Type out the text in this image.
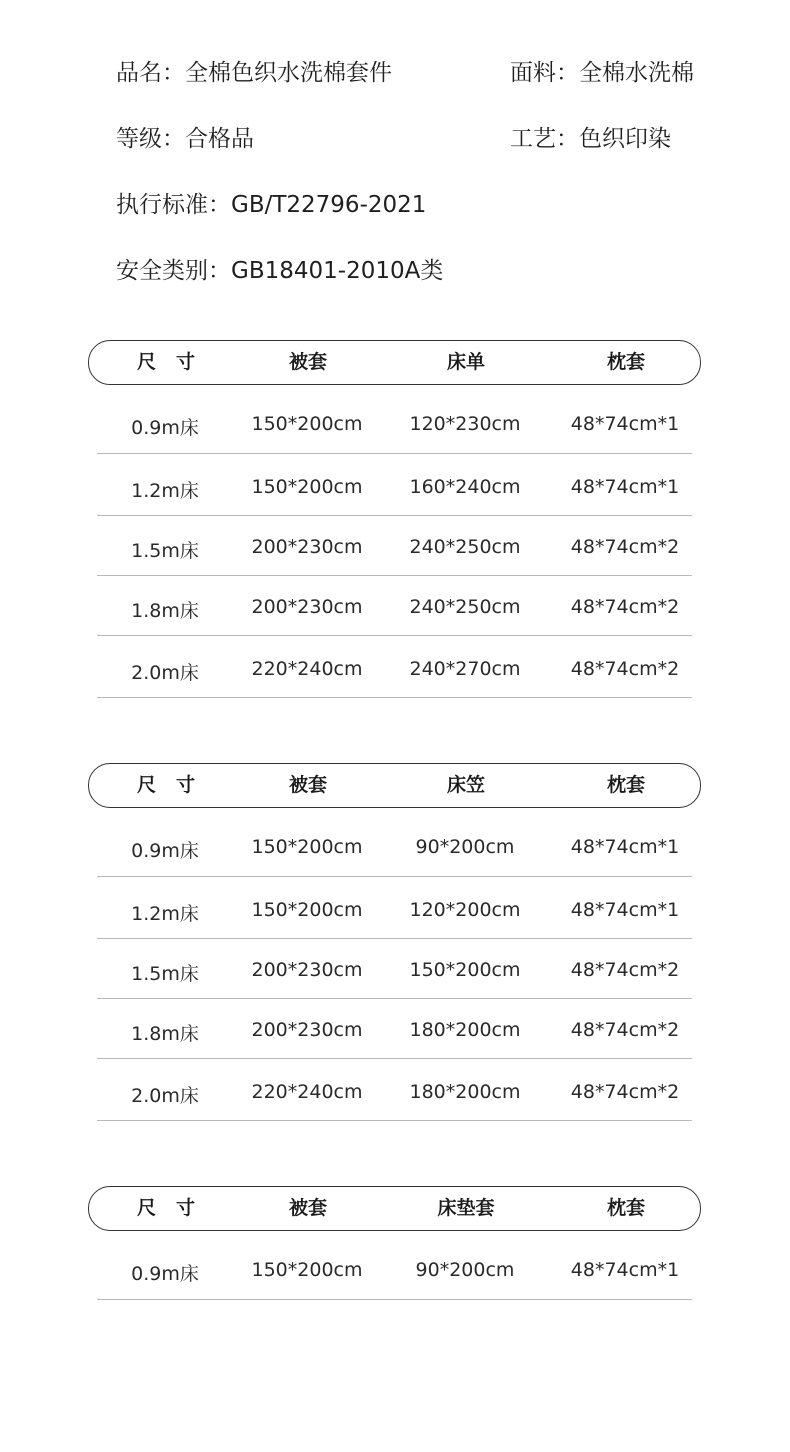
品名：全棉色织水洗棉套件	面料：全棉水洗棉
等级：合格品	工艺：色织印染
执行标准：GB/T22796-2021
安全类别：GB18401-2010A类
尺寸	被套	床单	枕套
0.9m床	150*200cm	120*230cm	48*74cm*1
1.2m床	150*200cm	160*240cm	48*74cm*1
1.5m床	200*230cm	240*250cm	48*74cm*2
1.8m床	200*230cm	240*250cm	48*74cm*2
2.0m床	220*240cm	240*270cm	48*74cm*2
尺寸	被套	床笠	枕套
0.9m床	150*200cm	90*200cm	48*74cm*1
1.2m床	150*200cm	120*200cm	48*74cm*1
1.5m床	200*230cm	150*200cm	48*74cm*2
1.8m床	200*230cm	180*200cm	48*74cm*2
2.0m床	220*240cm	180*200cm	48*74cm*2
尺寸	被套	床垫套	枕套
0.9m床	150*200cm	90*200cm	48*74cm*1
